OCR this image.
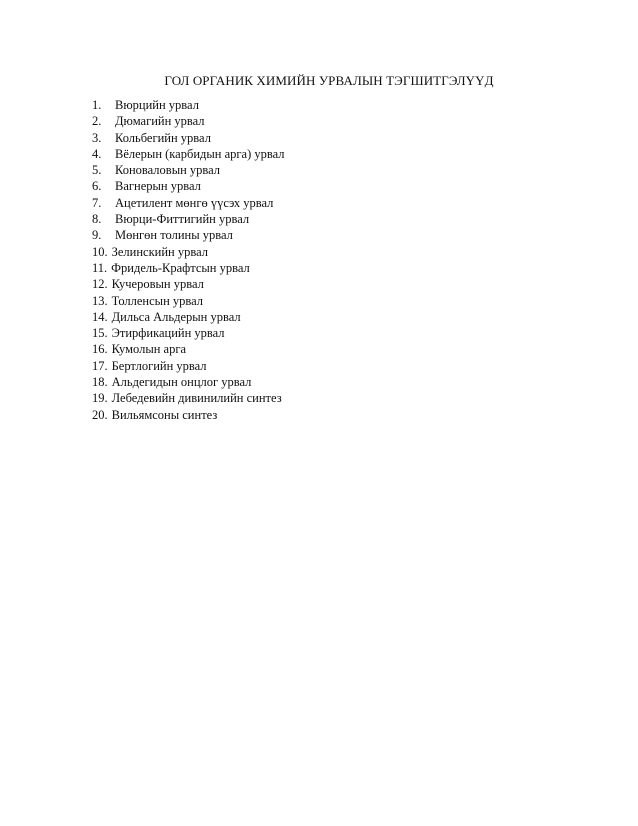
ГОЛ ОРГАНИК ХИМИЙН УРВАЛЫН ТЭГШИТГЭЛҮҮД
1.	Вюрцийн урвал
2.	Дюмагийн урвал
3.	Кольбегийн урвал
4.	Вёлерын (карбидын арга) урвал
5.	Коноваловын урвал
6.	Вагнерын урвал
7.	Ацетилент мөнгө үүсэх урвал
8.	Вюрци-Фиттигийн урвал
9.	Мөнгөн толины урвал
10. Зелинскийн урвал
11. Фридель-Крафтсын урвал
12. Кучеровын урвал
13. Толленсын урвал
14. Дильса Альдерын урвал
15. Этирфикацийн урвал
16. Кумолын арга
17. Бертлогийн урвал
18. Альдегидын онцлог урвал
19. Лебедевийн дивинилийн синтез
20. Вильямсоны синтез
